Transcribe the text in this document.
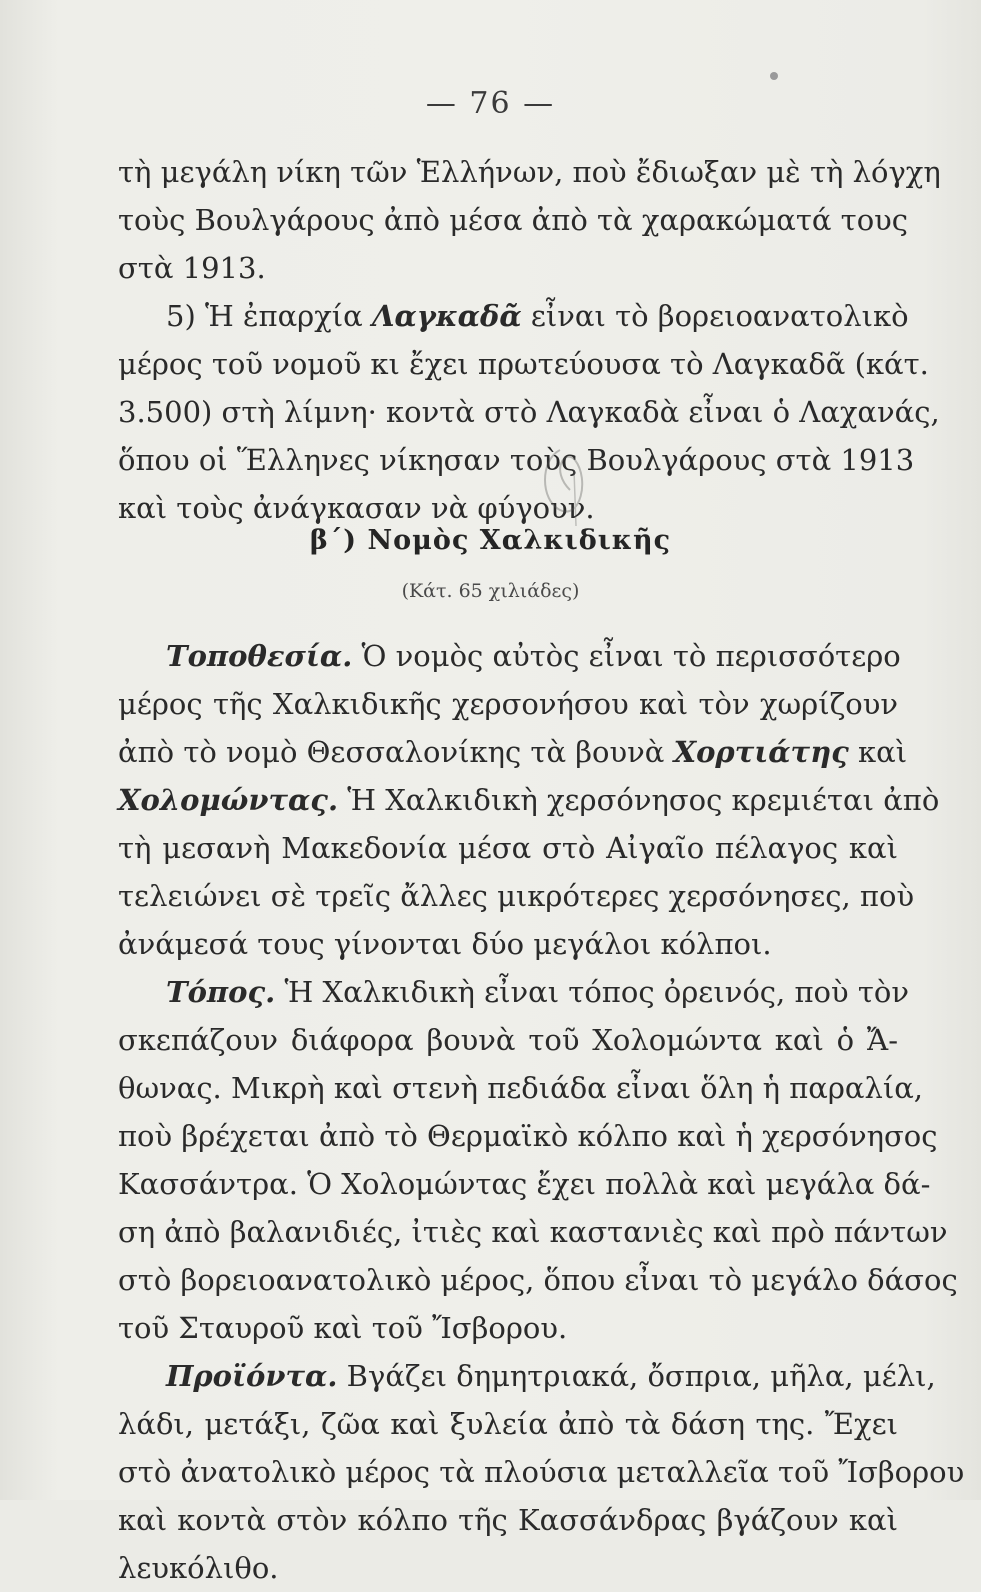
— 76 —
τὴ μεγάλη νίκη τῶν Ἑλλήνων, ποὺ ἔδιωξαν μὲ τὴ λόγχη
τοὺς Βουλγάρους ἀπὸ μέσα ἀπὸ τὰ χαρακώματά τους
στὰ 1913.
5) Ἡ ἐπαρχία Λαγκαδᾶ εἶναι τὸ βορειοανατολικὸ
μέρος τοῦ νομοῦ κι ἔχει πρωτεύουσα τὸ Λαγκαδᾶ (κάτ.
3.500) στὴ λίμνη· κοντὰ στὸ Λαγκαδὰ εἶναι ὁ Λαχανάς,
ὅπου οἱ Ἕλληνες νίκησαν τοὺς Βουλγάρους στὰ 1913
καὶ τοὺς ἀνάγκασαν νὰ φύγουν.
β΄) Νομὸς Χαλκιδικῆς
(Κάτ. 65 χιλιάδες)
Τοποθεσία. Ὁ νομὸς αὐτὸς εἶναι τὸ περισσότερο
μέρος τῆς Χαλκιδικῆς χερσονήσου καὶ τὸν χωρίζουν
ἀπὸ τὸ νομὸ Θεσσαλονίκης τὰ βουνὰ Χορτιάτης καὶ
Χολομώντας. Ἡ Χαλκιδικὴ χερσόνησος κρεμιέται ἀπὸ
τὴ μεσανὴ Μακεδονία μέσα στὸ Αἰγαῖο πέλαγος καὶ
τελειώνει σὲ τρεῖς ἄλλες μικρότερες χερσόνησες, ποὺ
ἀνάμεσά τους γίνονται δύο μεγάλοι κόλποι.
Τόπος. Ἡ Χαλκιδικὴ εἶναι τόπος ὀρεινός, ποὺ τὸν
σκεπάζουν διάφορα βουνὰ τοῦ Χολομώντα καὶ ὁ Ἄ-
θωνας. Μικρὴ καὶ στενὴ πεδιάδα εἶναι ὅλη ἡ παραλία,
ποὺ βρέχεται ἀπὸ τὸ Θερμαϊκὸ κόλπο καὶ ἡ χερσόνησος
Κασσάντρα. Ὁ Χολομώντας ἔχει πολλὰ καὶ μεγάλα δά-
ση ἀπὸ βαλανιδιές, ἰτιὲς καὶ καστανιὲς καὶ πρὸ πάντων
στὸ βορειοανατολικὸ μέρος, ὅπου εἶναι τὸ μεγάλο δάσος
τοῦ Σταυροῦ καὶ τοῦ Ἴσβορου.
Προϊόντα. Βγάζει δημητριακά, ὄσπρια, μῆλα, μέλι,
λάδι, μετάξι, ζῶα καὶ ξυλεία ἀπὸ τὰ δάση της. Ἔχει
στὸ ἀνατολικὸ μέρος τὰ πλούσια μεταλλεῖα τοῦ Ἴσβορου
καὶ κοντὰ στὸν κόλπο τῆς Κασσάνδρας βγάζουν καὶ
λευκόλιθο.
